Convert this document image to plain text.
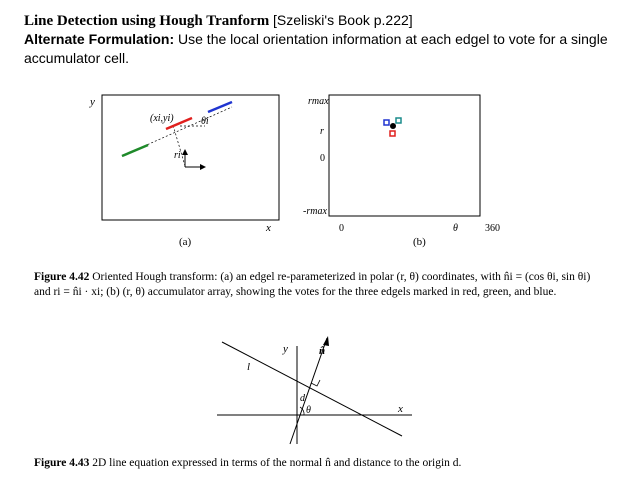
Line Detection using Hough Tranform [Szeliski's Book p.222]
Alternate Formulation: Use the local orientation information at each edgel to vote for a single accumulator cell.
y
x
(xi,yi)	θi
ri
(a)
rmax
r
0
-rmax
0	θ	360
(b)
Figure 4.42 Oriented Hough transform: (a) an edgel re-parameterized in polar (r, θ) coordinates, with n̂i = (cos θi, sin θi) and ri = n̂i · xi; (b) (r, θ) accumulator array, showing the votes for the three edgels marked in red, green, and blue.
y
x
l
n̂
d
θ
Figure 4.43 2D line equation expressed in terms of the normal n̂ and distance to the origin d.
